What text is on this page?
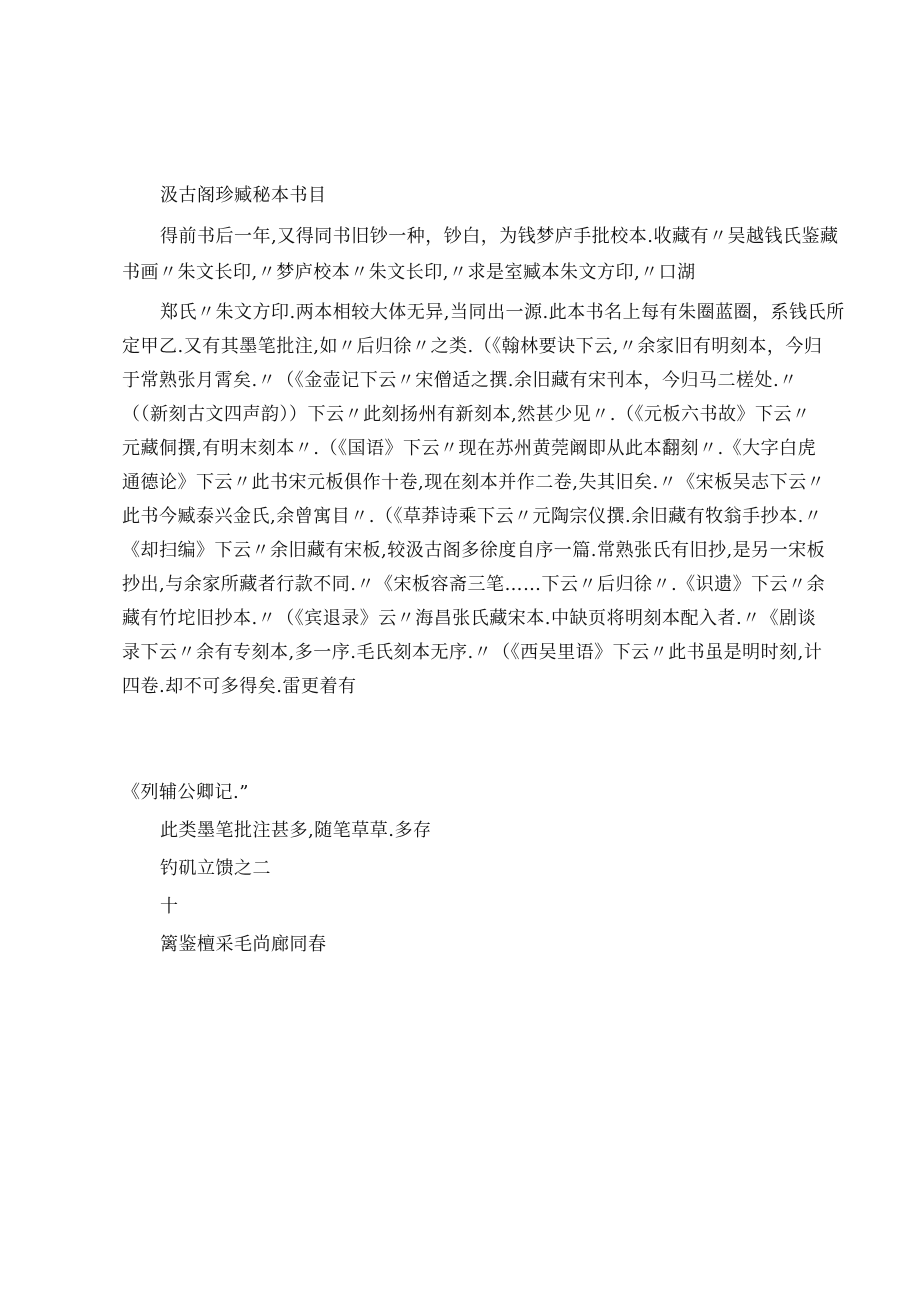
汲古阁珍臧秘本书目
得前书后一年,又得同书旧钞一种，钞白，为钱梦庐手批校本.收藏有〃吴越钱氏鉴藏
书画〃朱文长印,〃梦庐校本〃朱文长印,〃求是室臧本朱文方印,〃口湖
郑氏〃朱文方印.两本相较大体无异,当同出一源.此本书名上每有朱圈蓝圈，系钱氏所
定甲乙.又有其墨笔批注,如〃后归徐〃之类.（《翰林要诀下云,〃余家旧有明刻本，今归
于常熟张月霄矣.〃（《金壶记下云〃宋僧适之撰.余旧藏有宋刊本，今归马二槎处.〃
（（新刻古文四声韵））下云〃此刻扬州有新刻本,然甚少见〃.（《元板六书故》下云〃
元藏侗撰,有明末刻本〃.（《国语》下云〃现在苏州黄莞阚即从此本翻刻〃.《大字白虎
通德论》下云〃此书宋元板俱作十卷,现在刻本并作二卷,失其旧矣.〃《宋板吴志下云〃
此书今臧泰兴金氏,余曾寓目〃.（《草莽诗乘下云〃元陶宗仪撰.余旧藏有牧翁手抄本.〃
《却扫编》下云〃余旧藏有宋板,较汲古阁多徐度自序一篇.常熟张氏有旧抄,是另一宋板
抄出,与余家所藏者行款不同.〃《宋板容斋三笔……下云〃后归徐〃.《识遗》下云〃余
藏有竹坨旧抄本.〃（《宾退录》云〃海昌张氏藏宋本.中缺页将明刻本配入者.〃《剧谈
录下云〃余有专刻本,多一序.毛氏刻本无序.〃（《西吴里语》下云〃此书虽是明时刻,计
四卷.却不可多得矣.雷更着有
《列辅公卿记.”
此类墨笔批注甚多,随笔草草.多存
钓矶立馈之二
十
篱鉴檀采毛尚廊同春
